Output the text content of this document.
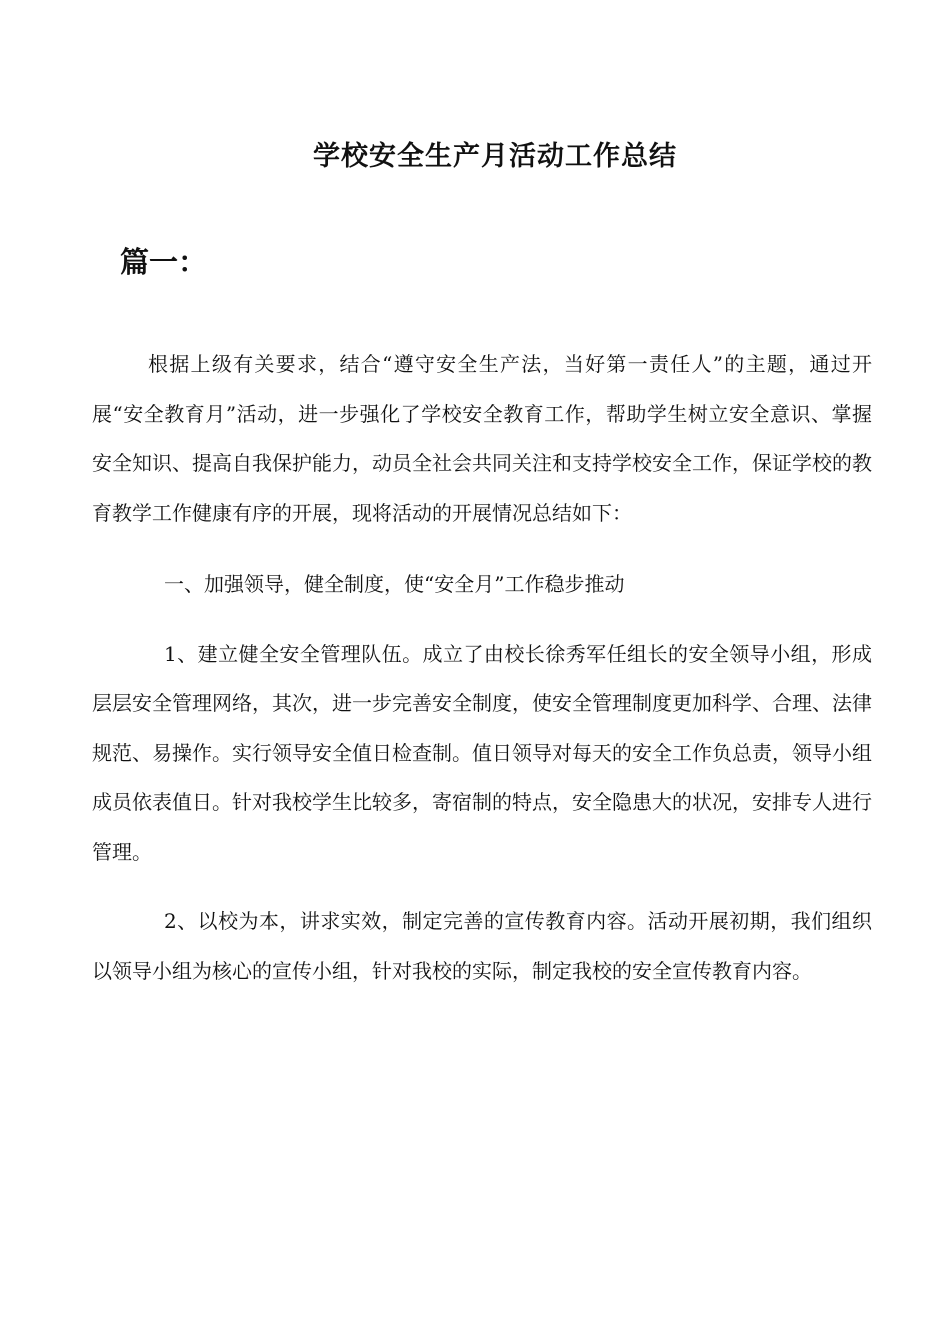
学校安全生产月活动工作总结
篇一：

根据上级有关要求，结合“遵守安全生产法，当好第一责任人”的主题，通过开展“安全教育月”活动，进一步强化了学校安全教育工作，帮助学生树立安全意识、掌握安全知识、提高自我保护能力，动员全社会共同关注和支持学校安全工作，保证学校的教育教学工作健康有序的开展，现将活动的开展情况总结如下：

一、加强领导，健全制度，使“安全月”工作稳步推动

1、建立健全安全管理队伍。成立了由校长徐秀军任组长的安全领导小组，形成层层安全管理网络，其次，进一步完善安全制度，使安全管理制度更加科学、合理、法律规范、易操作。实行领导安全值日检查制。值日领导对每天的安全工作负总责，领导小组成员依表值日。针对我校学生比较多，寄宿制的特点，安全隐患大的状况，安排专人进行管理。

2、以校为本，讲求实效，制定完善的宣传教育内容。活动开展初期，我们组织以领导小组为核心的宣传小组，针对我校的实际，制定我校的安全宣传教育内容。
